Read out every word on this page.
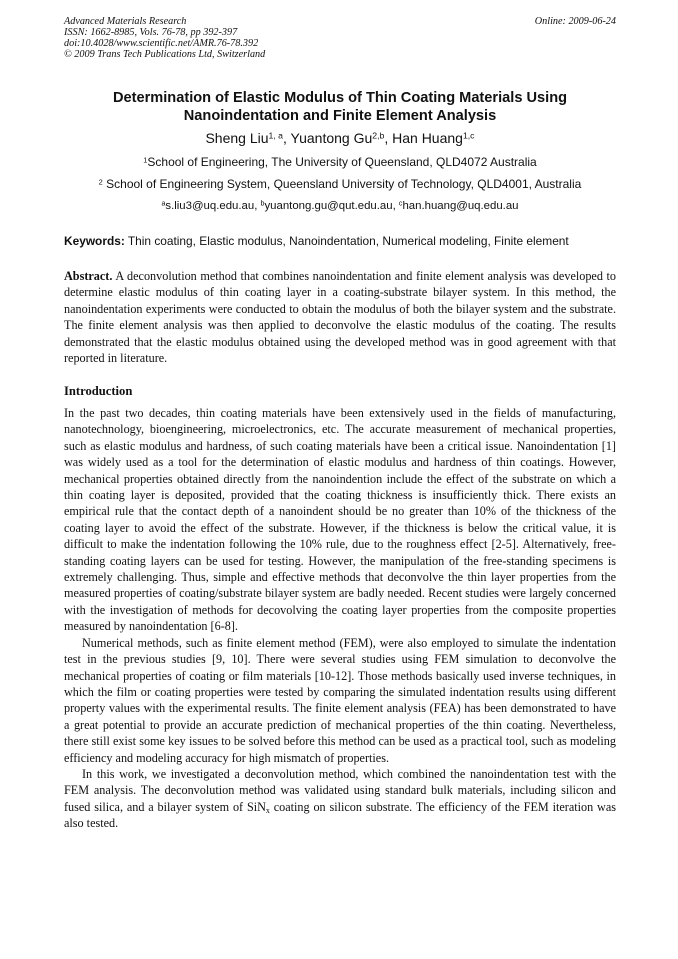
Advanced Materials Research
ISSN: 1662-8985, Vols. 76-78, pp 392-397
doi:10.4028/www.scientific.net/AMR.76-78.392
© 2009 Trans Tech Publications Ltd, Switzerland
Online: 2009-06-24
Determination of Elastic Modulus of Thin Coating Materials Using
Nanoindentation and Finite Element Analysis
Sheng Liu$^{1, a}$, Yuantong Gu$^{2,b}$, Han Huang$^{1,c}$
$^1$School of Engineering, The University of Queensland, QLD4072 Australia
$^2$ School of Engineering System, Queensland University of Technology, QLD4001, Australia
$^a$s.liu3@uq.edu.au, $^b$yuantong.gu@qut.edu.au, $^c$han.huang@uq.edu.au
Keywords: Thin coating, Elastic modulus, Nanoindentation, Numerical modeling, Finite element
Abstract. A deconvolution method that combines nanoindentation and finite element analysis was developed to determine elastic modulus of thin coating layer in a coating-substrate bilayer system. In this method, the nanoindentation experiments were conducted to obtain the modulus of both the bilayer system and the substrate. The finite element analysis was then applied to deconvolve the elastic modulus of the coating. The results demonstrated that the elastic modulus obtained using the developed method was in good agreement with that reported in literature.
Introduction

In the past two decades, thin coating materials have been extensively used in the fields of manufacturing, nanotechnology, bioengineering, microelectronics, etc. The accurate measurement of mechanical properties, such as elastic modulus and hardness, of such coating materials have been a critical issue. Nanoindentation [1] was widely used as a tool for the determination of elastic modulus and hardness of thin coatings. However, mechanical properties obtained directly from the nanoindention include the effect of the substrate on which a thin coating layer is deposited, provided that the coating thickness is insufficiently thick. There exists an empirical rule that the contact depth of a nanoindent should be no greater than 10% of the thickness of the coating layer to avoid the effect of the substrate. However, if the thickness is below the critical value, it is difficult to make the indentation following the 10% rule, due to the roughness effect [2-5]. Alternatively, free-standing coating layers can be used for testing. However, the manipulation of the free-standing specimens is extremely challenging. Thus, simple and effective methods that deconvolve the thin layer properties from the measured properties of coating/substrate bilayer system are badly needed. Recent studies were largely concerned with the investigation of methods for decovolving the coating layer properties from the composite properties measured by nanoindentation [6-8].

Numerical methods, such as finite element method (FEM), were also employed to simulate the indentation test in the previous studies [9, 10]. There were several studies using FEM simulation to deconvolve the mechanical properties of coating or film materials [10-12]. Those methods basically used inverse techniques, in which the film or coating properties were tested by comparing the simulated indentation results using different property values with the experimental results. The finite element analysis (FEA) has been demonstrated to have a great potential to provide an accurate prediction of mechanical properties of the thin coating. Nevertheless, there still exist some key issues to be solved before this method can be used as a practical tool, such as modeling efficiency and modeling accuracy for high mismatch of properties.

In this work, we investigated a deconvolution method, which combined the nanoindentation test with the FEM analysis. The deconvolution method was validated using standard bulk materials, including silicon and fused silica, and a bilayer system of SiN$_x$ coating on silicon substrate. The efficiency of the FEM iteration was also tested.
